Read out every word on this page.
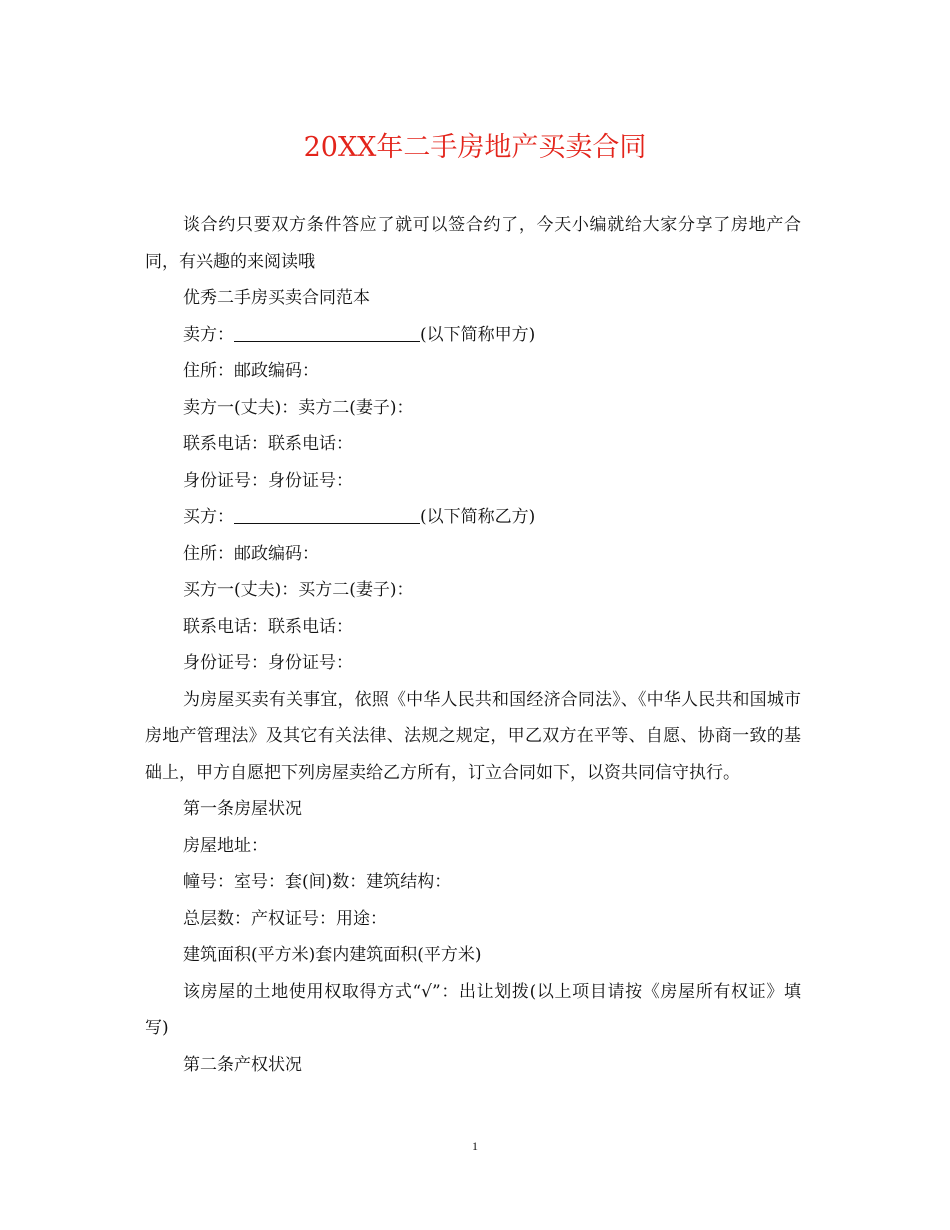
20XX年二手房地产买卖合同

谈合约只要双方条件答应了就可以签合约了，今天小编就给大家分享了房地产合同，有兴趣的来阅读哦

优秀二手房买卖合同范本

卖方：	(以下简称甲方)

住所：邮政编码：

卖方一(丈夫)：卖方二(妻子)：

联系电话：联系电话：

身份证号：身份证号：

买方：	(以下简称乙方)

住所：邮政编码：

买方一(丈夫)：买方二(妻子)：

联系电话：联系电话：

身份证号：身份证号：

为房屋买卖有关事宜，依照《中华人民共和国经济合同法》、《中华人民共和国城市房地产管理法》及其它有关法律、法规之规定，甲乙双方在平等、自愿、协商一致的基础上，甲方自愿把下列房屋卖给乙方所有，订立合同如下，以资共同信守执行。

第一条房屋状况

房屋地址：

幢号：室号：套(间)数：建筑结构：

总层数：产权证号：用途：

建筑面积(平方米)套内建筑面积(平方米)

该房屋的土地使用权取得方式“√”：出让划拨(以上项目请按《房屋所有权证》填写)

第二条产权状况

1
